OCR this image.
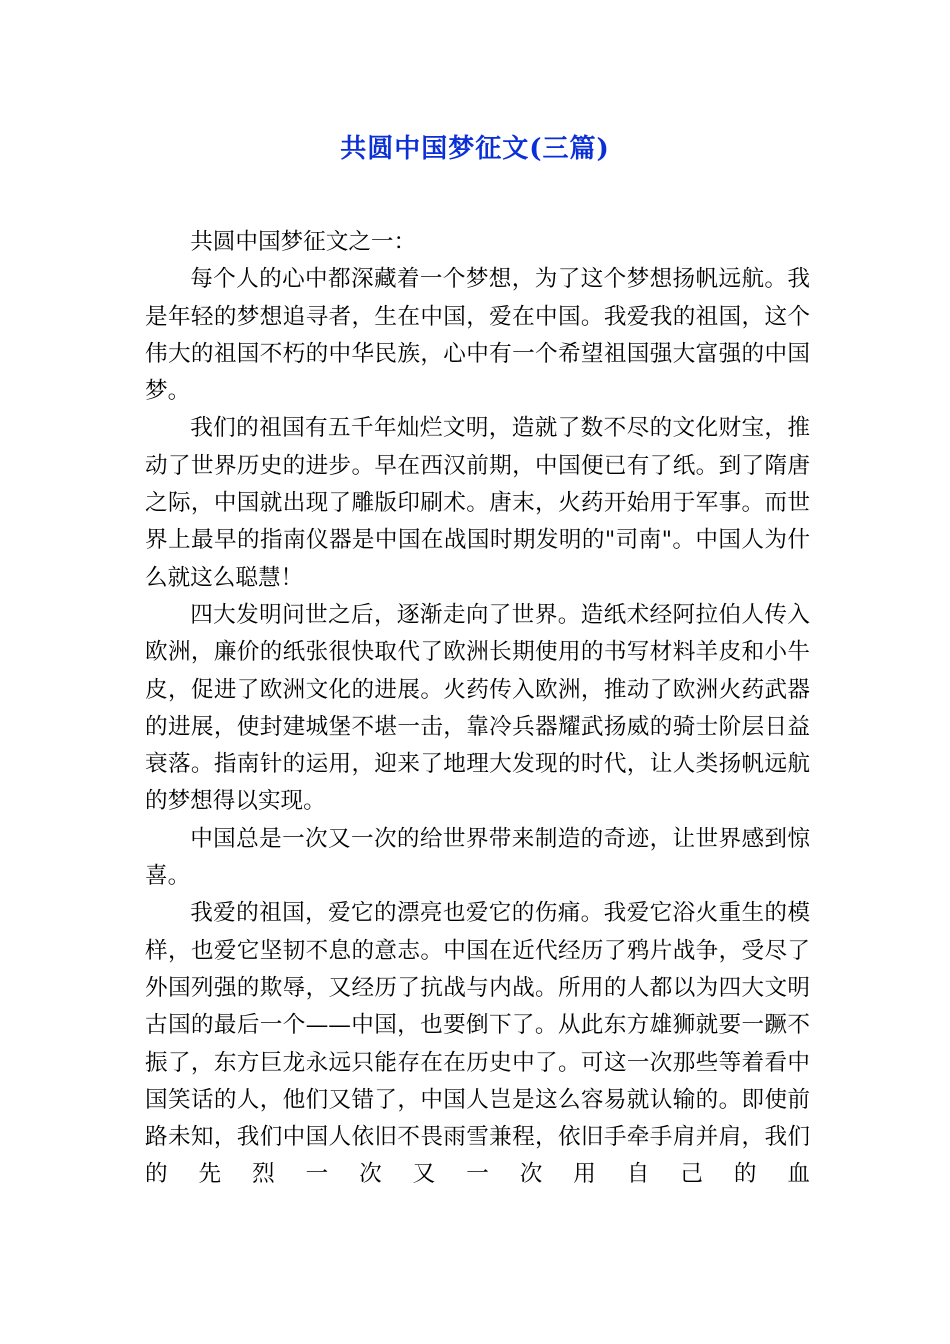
共圆中国梦征文(三篇)

共圆中国梦征文之一：

每个人的心中都深藏着一个梦想，为了这个梦想扬帆远航。我是年轻的梦想追寻者，生在中国，爱在中国。我爱我的祖国，这个伟大的祖国不朽的中华民族，心中有一个希望祖国强大富强的中国梦。

我们的祖国有五千年灿烂文明，造就了数不尽的文化财宝，推动了世界历史的进步。早在西汉前期，中国便已有了纸。到了隋唐之际，中国就出现了雕版印刷术。唐末，火药开始用于军事。而世界上最早的指南仪器是中国在战国时期发明的"司南"。中国人为什么就这么聪慧！

四大发明问世之后，逐渐走向了世界。造纸术经阿拉伯人传入欧洲，廉价的纸张很快取代了欧洲长期使用的书写材料羊皮和小牛皮，促进了欧洲文化的进展。火药传入欧洲，推动了欧洲火药武器的进展，使封建城堡不堪一击，靠冷兵器耀武扬威的骑士阶层日益衰落。指南针的运用，迎来了地理大发现的时代，让人类扬帆远航的梦想得以实现。

中国总是一次又一次的给世界带来制造的奇迹，让世界感到惊喜。

我爱的祖国，爱它的漂亮也爱它的伤痛。我爱它浴火重生的模样，也爱它坚韧不息的意志。中国在近代经历了鸦片战争，受尽了外国列强的欺辱，又经历了抗战与内战。所用的人都以为四大文明古国的最后一个——中国，也要倒下了。从此东方雄狮就要一蹶不振了，东方巨龙永远只能存在在历史中了。可这一次那些等着看中国笑话的人，他们又错了，中国人岂是这么容易就认输的。即使前路未知，我们中国人依旧不畏雨雪兼程，依旧手牵手肩并肩，我们的先烈一次又一次用自己的血
